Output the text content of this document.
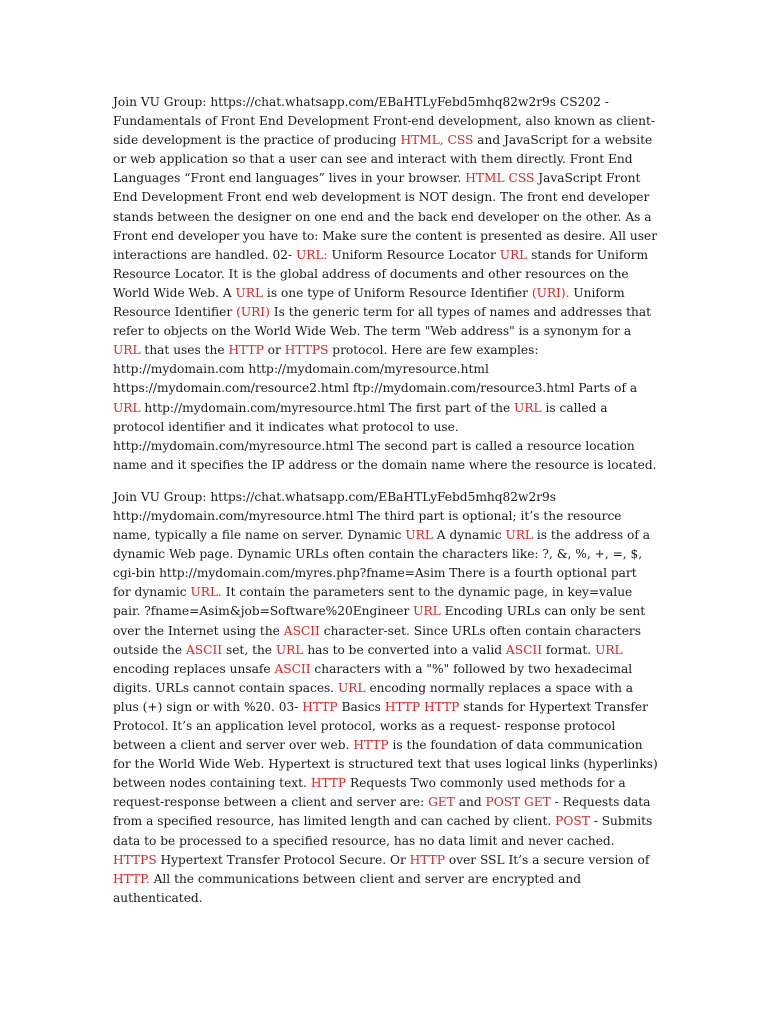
Join VU Group: https://chat.whatsapp.com/EBaHTLyFebd5mhq82w2r9s CS202 - Fundamentals of Front End Development Front-end development, also known as client-side development is the practice of producing HTML, CSS and JavaScript for a website or web application so that a user can see and interact with them directly. Front End Languages “Front end languages” lives in your browser. HTML CSS JavaScript Front End Development Front end web development is NOT design. The front end developer stands between the designer on one end and the back end developer on the other. As a Front end developer you have to: Make sure the content is presented as desire. All user interactions are handled. 02- URL: Uniform Resource Locator URL stands for Uniform Resource Locator. It is the global address of documents and other resources on the World Wide Web. A URL is one type of Uniform Resource Identifier (URI). Uniform Resource Identifier (URI) Is the generic term for all types of names and addresses that refer to objects on the World Wide Web. The term "Web address" is a synonym for a URL that uses the HTTP or HTTPS protocol. Here are few examples: http://mydomain.com http://mydomain.com/myresource.html https://mydomain.com/resource2.html ftp://mydomain.com/resource3.html Parts of a URL http://mydomain.com/myresource.html The first part of the URL is called a protocol identifier and it indicates what protocol to use. http://mydomain.com/myresource.html The second part is called a resource location name and it specifies the IP address or the domain name where the resource is located.

Join VU Group: https://chat.whatsapp.com/EBaHTLyFebd5mhq82w2r9s http://mydomain.com/myresource.html The third part is optional; it’s the resource name, typically a file name on server. Dynamic URL A dynamic URL is the address of a dynamic Web page. Dynamic URLs often contain the characters like: ?, &, %, +, =, $, cgi-bin http://mydomain.com/myres.php?fname=Asim There is a fourth optional part for dynamic URL. It contain the parameters sent to the dynamic page, in key=value pair. ?fname=Asim&job=Software%20Engineer URL Encoding URLs can only be sent over the Internet using the ASCII character-set. Since URLs often contain characters outside the ASCII set, the URL has to be converted into a valid ASCII format. URL encoding replaces unsafe ASCII characters with a "%" followed by two hexadecimal digits. URLs cannot contain spaces. URL encoding normally replaces a space with a plus (+) sign or with %20. 03- HTTP Basics HTTP HTTP stands for Hypertext Transfer Protocol. It’s an application level protocol, works as a request- response protocol between a client and server over web. HTTP is the foundation of data communication for the World Wide Web. Hypertext is structured text that uses logical links (hyperlinks) between nodes containing text. HTTP Requests Two commonly used methods for a request-response between a client and server are: GET and POST GET - Requests data from a specified resource, has limited length and can cached by client. POST - Submits data to be processed to a specified resource, has no data limit and never cached. HTTPS Hypertext Transfer Protocol Secure. Or HTTP over SSL It’s a secure version of HTTP. All the communications between client and server are encrypted and authenticated.
